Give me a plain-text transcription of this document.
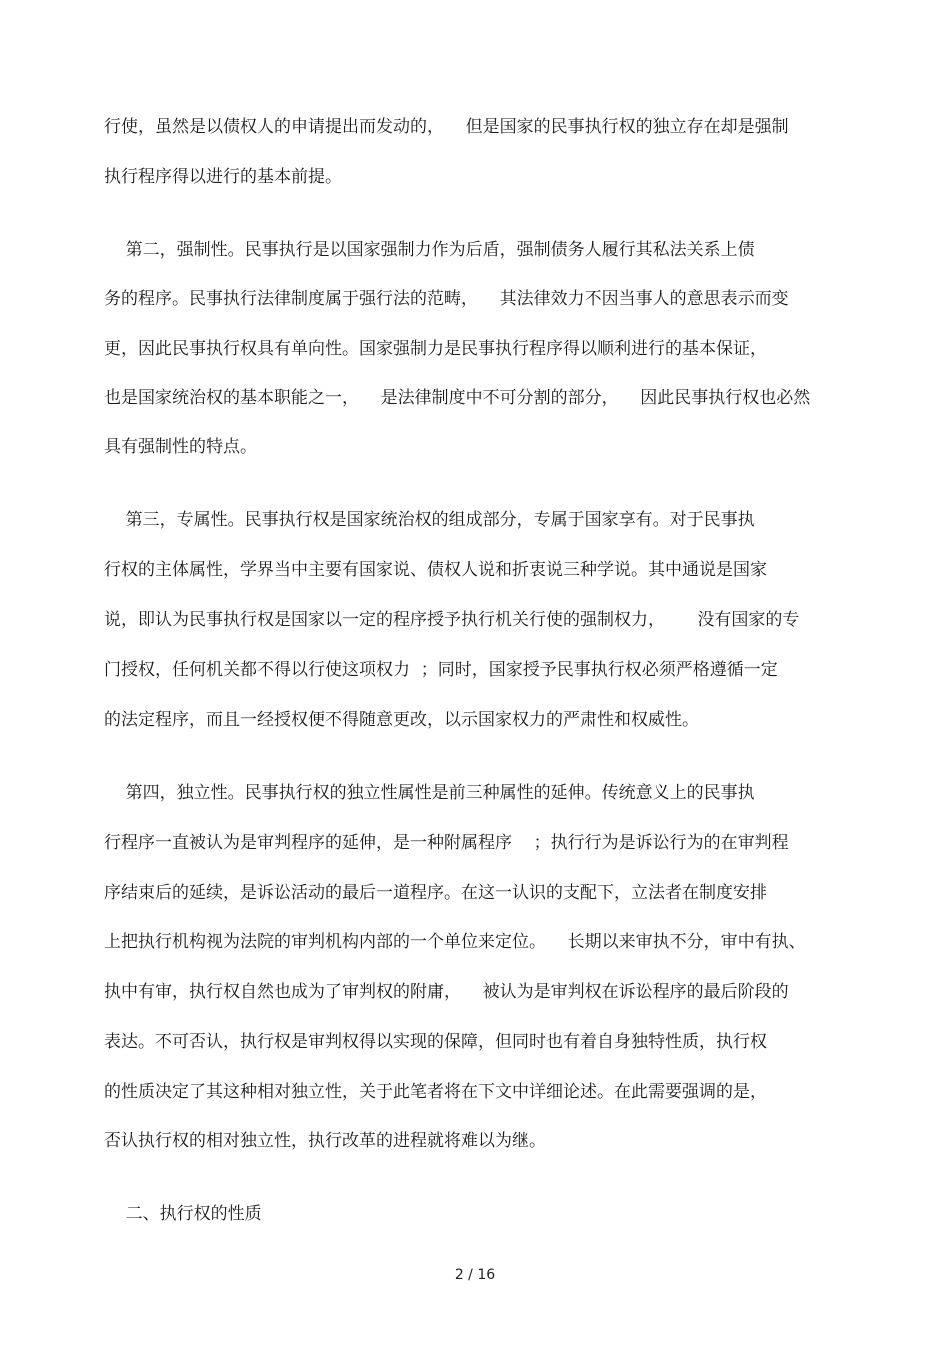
行使，虽然是以债权人的申请提出而发动的，    但是国家的民事执行权的独立存在却是强制
执行程序得以进行的基本前提。
第二，强制性。民事执行是以国家强制力作为后盾，强制债务人履行其私法关系上债
务的程序。民事执行法律制度属于强行法的范畴，    其法律效力不因当事人的意思表示而变
更，因此民事执行权具有单向性。国家强制力是民事执行程序得以顺利进行的基本保证，
也是国家统治权的基本职能之一，    是法律制度中不可分割的部分，    因此民事执行权也必然
具有强制性的特点。
第三，专属性。民事执行权是国家统治权的组成部分，专属于国家享有。对于民事执
行权的主体属性，学界当中主要有国家说、债权人说和折衷说三种学说。其中通说是国家
说，即认为民事执行权是国家以一定的程序授予执行机关行使的强制权力，      没有国家的专
门授权，任何机关都不得以行使这项权力  ；同时，国家授予民事执行权必须严格遵循一定
的法定程序，而且一经授权便不得随意更改，以示国家权力的严肃性和权威性。
第四，独立性。民事执行权的独立性属性是前三种属性的延伸。传统意义上的民事执
行程序一直被认为是审判程序的延伸，是一种附属程序    ；执行行为是诉讼行为的在审判程
序结束后的延续，是诉讼活动的最后一道程序。在这一认识的支配下，立法者在制度安排
上把执行机构视为法院的审判机构内部的一个单位来定位。    长期以来审执不分，审中有执、
执中有审，执行权自然也成为了审判权的附庸，    被认为是审判权在诉讼程序的最后阶段的
表达。不可否认，执行权是审判权得以实现的保障，但同时也有着自身独特性质，执行权
的性质决定了其这种相对独立性，关于此笔者将在下文中详细论述。在此需要强调的是，
否认执行权的相对独立性，执行改革的进程就将难以为继。
二、执行权的性质
2 / 16
